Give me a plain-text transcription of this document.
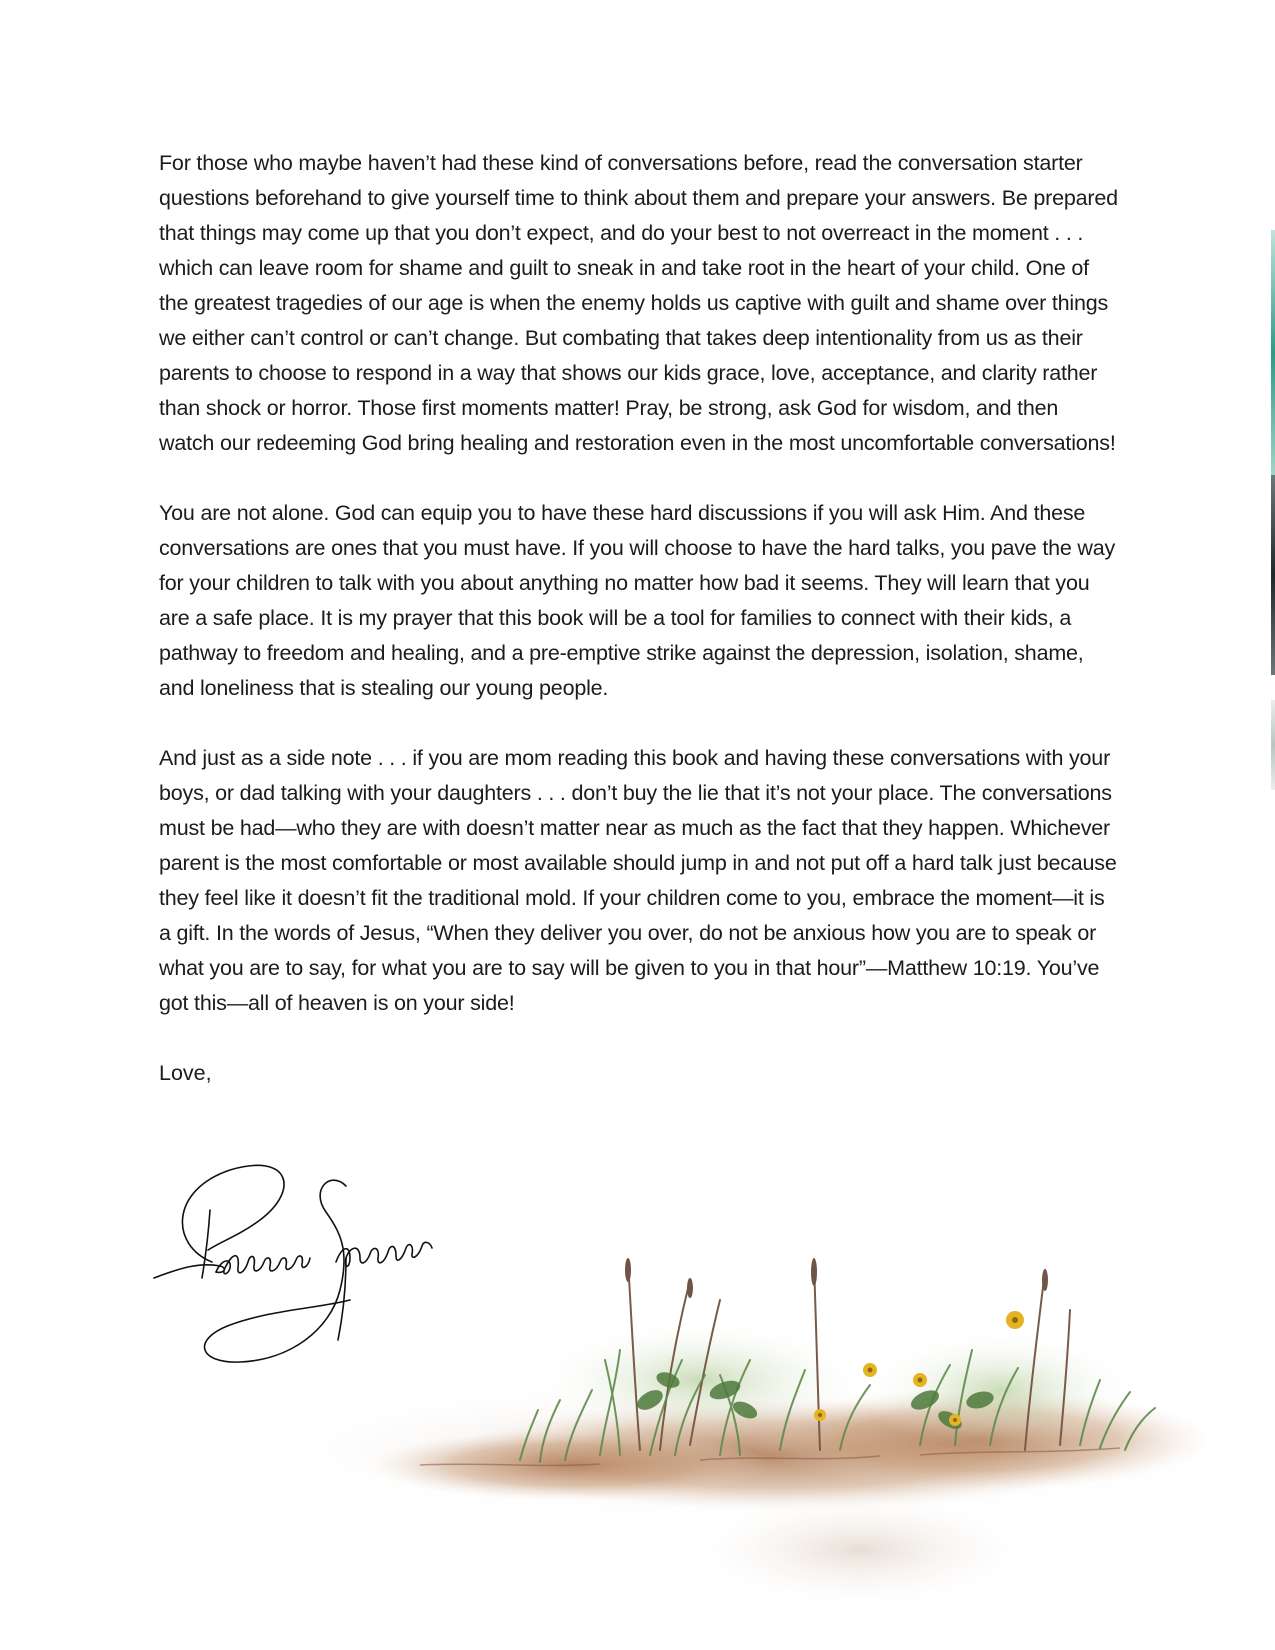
For those who maybe haven’t had these kind of conversations before, read the conversation starter questions beforehand to give yourself time to think about them and prepare your answers. Be prepared that things may come up that you don’t expect, and do your best to not overreact in the moment . . . which can leave room for shame and guilt to sneak in and take root in the heart of your child. One of the greatest tragedies of our age is when the enemy holds us captive with guilt and shame over things we either can’t control or can’t change. But combating that takes deep intentionality from us as their parents to choose to respond in a way that shows our kids grace, love, acceptance, and clarity rather than shock or horror. Those first moments matter! Pray, be strong, ask God for wisdom, and then watch our redeeming God bring healing and restoration even in the most uncomfortable conversations!

You are not alone. God can equip you to have these hard discussions if you will ask Him. And these conversations are ones that you must have. If you will choose to have the hard talks, you pave the way for your children to talk with you about anything no matter how bad it seems. They will learn that you are a safe place. It is my prayer that this book will be a tool for families to connect with their kids, a pathway to freedom and healing, and a pre-emptive strike against the depression, isolation, shame, and loneliness that is stealing our young people.

And just as a side note . . . if you are mom reading this book and having these conversations with your boys, or dad talking with your daughters . . . don’t buy the lie that it’s not your place. The conversations must be had—who they are with doesn’t matter near as much as the fact that they happen. Whichever parent is the most comfortable or most available should jump in and not put off a hard talk just because they feel like it doesn’t fit the traditional mold. If your children come to you, embrace the moment—it is a gift. In the words of Jesus, “When they deliver you over, do not be anxious how you are to speak or what you are to say, for what you are to say will be given to you in that hour”—Matthew 10:19. You’ve got this—all of heaven is on your side!

Love,
